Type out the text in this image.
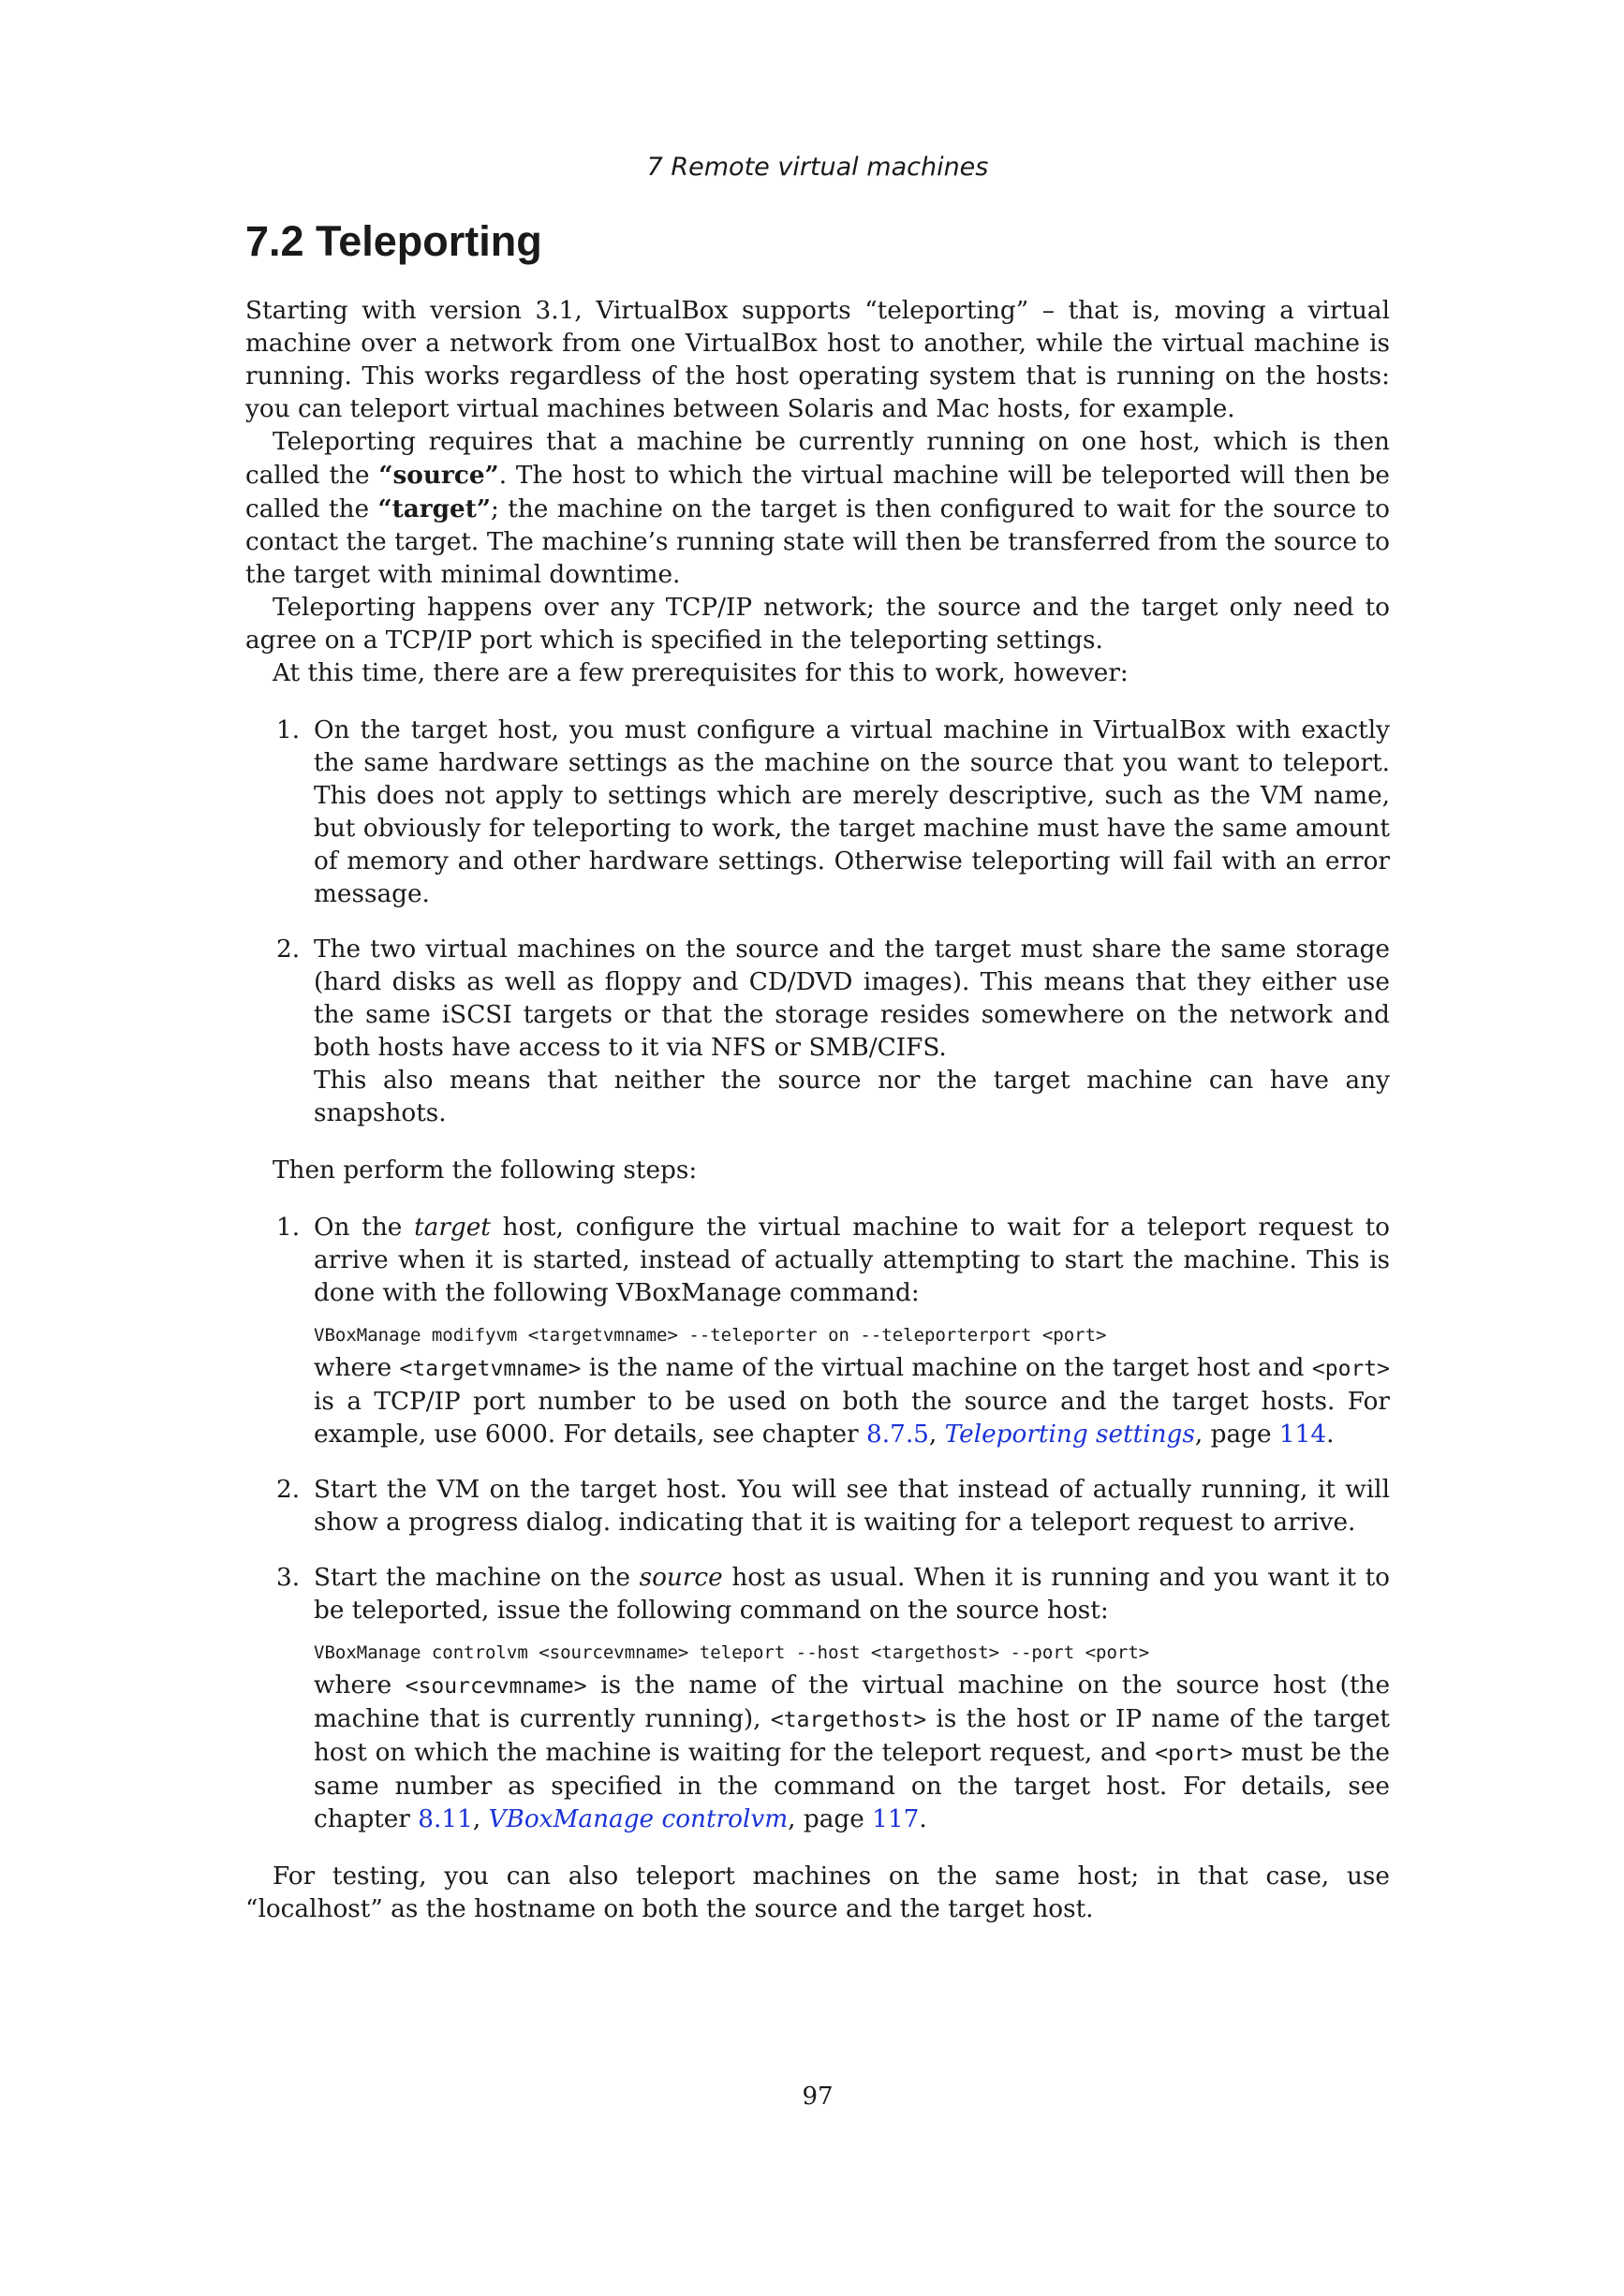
7 Remote virtual machines
7.2 Teleporting

Starting with version 3.1, VirtualBox supports “teleporting” – that is, moving a virtual machine over a network from one VirtualBox host to another, while the virtual machine is running. This works regardless of the host operating system that is running on the hosts: you can teleport virtual machines between Solaris and Mac hosts, for example.

Teleporting requires that a machine be currently running on one host, which is then called the “source”. The host to which the virtual machine will be teleported will then be called the “target”; the machine on the target is then configured to wait for the source to contact the target. The machine’s running state will then be transferred from the source to the target with minimal downtime.

Teleporting happens over any TCP/IP network; the source and the target only need to agree on a TCP/IP port which is specified in the teleporting settings.

At this time, there are a few prerequisites for this to work, however:

1. On the target host, you must configure a virtual machine in VirtualBox with exactly the same hardware settings as the machine on the source that you want to teleport. This does not apply to settings which are merely descriptive, such as the VM name, but obviously for teleporting to work, the target machine must have the same amount of memory and other hardware settings. Otherwise teleporting will fail with an error message.

2. The two virtual machines on the source and the target must share the same storage (hard disks as well as floppy and CD/DVD images). This means that they either use the same iSCSI targets or that the storage resides somewhere on the network and both hosts have access to it via NFS or SMB/CIFS.

This also means that neither the source nor the target machine can have any snapshots.

Then perform the following steps:

1. On the target host, configure the virtual machine to wait for a teleport request to arrive when it is started, instead of actually attempting to start the machine. This is done with the following VBoxManage command:

VBoxManage modifyvm <targetvmname> --teleporter on --teleporterport <port>

where <targetvmname> is the name of the virtual machine on the target host and <port> is a TCP/IP port number to be used on both the source and the target hosts. For example, use 6000. For details, see chapter 8.7.5, Teleporting settings, page 114.

2. Start the VM on the target host. You will see that instead of actually running, it will show a progress dialog. indicating that it is waiting for a teleport request to arrive.

3. Start the machine on the source host as usual. When it is running and you want it to be teleported, issue the following command on the source host:

VBoxManage controlvm <sourcevmname> teleport --host <targethost> --port <port>

where <sourcevmname> is the name of the virtual machine on the source host (the machine that is currently running), <targethost> is the host or IP name of the target host on which the machine is waiting for the teleport request, and <port> must be the same number as specified in the command on the target host. For details, see chapter 8.11, VBoxManage controlvm, page 117.

For testing, you can also teleport machines on the same host; in that case, use “localhost” as the hostname on both the source and the target host.

97
